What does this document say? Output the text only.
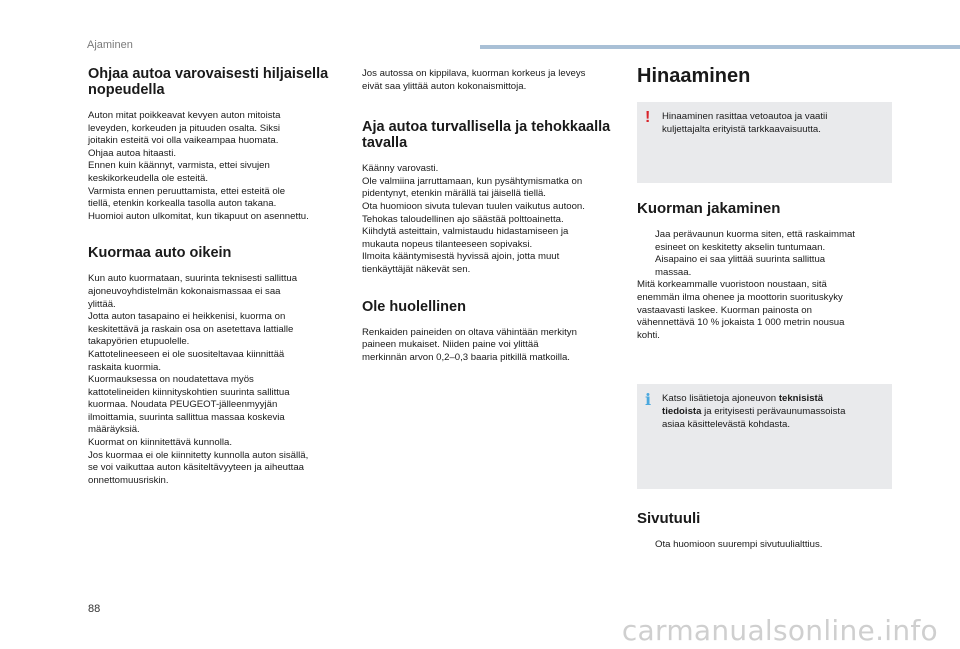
Ajaminen
Ohjaa autoa varovaisesti hiljaisella nopeudella
Auton mitat poikkeavat kevyen auton mitoista
leveyden, korkeuden ja pituuden osalta. Siksi
joitakin esteitä voi olla vaikeampaa huomata.
Ohjaa autoa hitaasti.
Ennen kuin käännyt, varmista, ettei sivujen
keskikorkeudella ole esteitä.
Varmista ennen peruuttamista, ettei esteitä ole
tiellä, etenkin korkealla tasolla auton takana.
Huomioi auton ulkomitat, kun tikapuut on asennettu.
Kuormaa auto oikein
Kun auto kuormataan, suurinta teknisesti sallittua
ajoneuvoyhdistelmän kokonaismassaa ei saa
ylittää.
Jotta auton tasapaino ei heikkenisi, kuorma on
keskitettävä ja raskain osa on asetettava lattialle
takapyörien etupuolelle.
Kattotelineeseen ei ole suositeltavaa kiinnittää
raskaita kuormia.
Kuormauksessa on noudatettava myös
kattotelineiden kiinnityskohtien suurinta sallittua
kuormaa. Noudata PEUGEOT-jälleenmyyjän
ilmoittamia, suurinta sallittua massaa koskevia
määräyksiä.
Kuormat on kiinnitettävä kunnolla.
Jos kuormaa ei ole kiinnitetty kunnolla auton sisällä,
se voi vaikuttaa auton käsiteltävyyteen ja aiheuttaa
onnettomuusriskin.
Jos autossa on kippilava, kuorman korkeus ja leveys
eivät saa ylittää auton kokonaismittoja.
Aja autoa turvallisella ja tehokkaalla tavalla
Käänny varovasti.
Ole valmiina jarruttamaan, kun pysähtymismatka on
pidentynyt, etenkin märällä tai jäisellä tiellä.
Ota huomioon sivuta tulevan tuulen vaikutus autoon.
Tehokas taloudellinen ajo säästää polttoainetta.
Kiihdytä asteittain, valmistaudu hidastamiseen ja
mukauta nopeus tilanteeseen sopivaksi.
Ilmoita kääntymisestä hyvissä ajoin, jotta muut
tienkäyttäjät näkevät sen.
Ole huolellinen
Renkaiden paineiden on oltava vähintään merkityn
paineen mukaiset. Niiden paine voi ylittää
merkinnän arvon 0,2–0,3 baaria pitkillä matkoilla.
Hinaaminen
! Hinaaminen rasittaa vetoautoa ja vaatii
kuljettajalta erityistä tarkkaavaisuutta.
Kuorman jakaminen
Jaa perävaunun kuorma siten, että raskaimmat
esineet on keskitetty akselin tuntumaan.
Aisapaino ei saa ylittää suurinta sallittua
massaa.
Mitä korkeammalle vuoristoon noustaan, sitä
enemmän ilma ohenee ja moottorin suorituskyky
vastaavasti laskee. Kuorman painosta on
vähennettävä 10 % jokaista 1 000 metrin nousua
kohti.
i Katso lisätietoja ajoneuvon teknisistä
tiedoista ja erityisesti perävaunumassoista
asiaa käsittelevästä kohdasta.
Sivutuuli
Ota huomioon suurempi sivutuulialttius.
88
carmanualsonline.info
